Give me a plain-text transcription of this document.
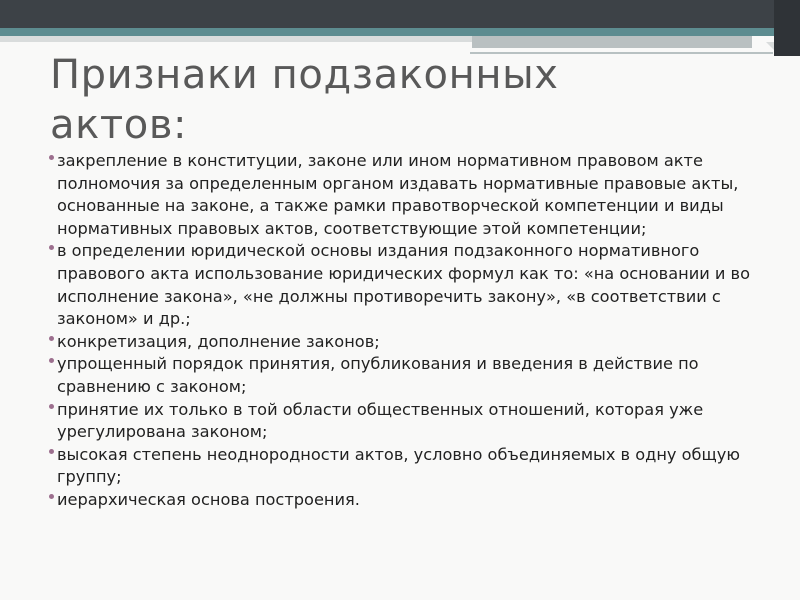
Признаки подзаконных актов:
закрепление в конституции, законе или ином нормативном правовом акте полномочия за определенным органом издавать нормативные правовые акты, основанные на законе, а также рамки правотворческой компетенции и виды нормативных правовых актов, соответствующие этой компетенции;
в определении юридической основы издания подзаконного нормативного правового акта использование юридических формул как то: «на основании и во исполнение закона», «не должны противоречить закону», «в соответствии с законом» и др.;
конкретизация, дополнение законов;
упрощенный порядок принятия, опубликования и введения в действие по сравнению с законом;
принятие их только в той области общественных отношений, которая уже урегулирована законом;
высокая степень неоднородности актов, условно объединяемых в одну общую группу;
иерархическая основа построения.
